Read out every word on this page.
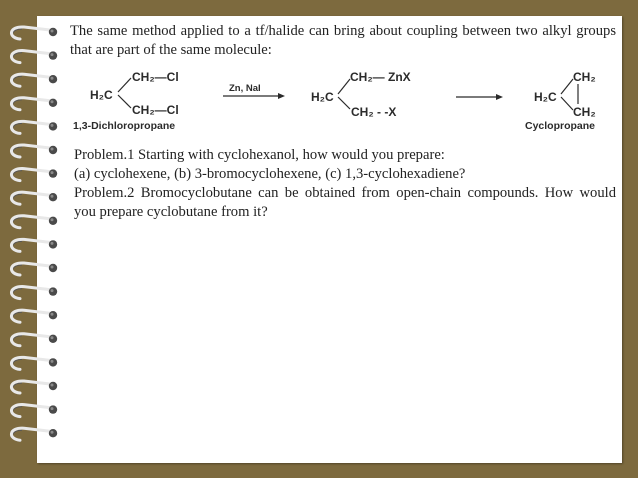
The same method applied to a tf/halide can bring about coupling between two alkyl groups that are part of the same molecule:

CH₂—Cl
H₂C
CH₂—Cl
1,3-Dichloropropane
Zn, NaI
CH₂— ZnX
H₂C
CH₂ - -X
CH₂
H₂C
CH₂
Cyclopropane

Problem.1 Starting with cyclohexanol, how would you prepare:

(a) cyclohexene, (b) 3-bromocyclohexene, (c) 1,3-cyclohexadiene?

Problem.2 Bromocyclobutane can be obtained from open-chain compounds. How would you prepare cyclobutane from it?
